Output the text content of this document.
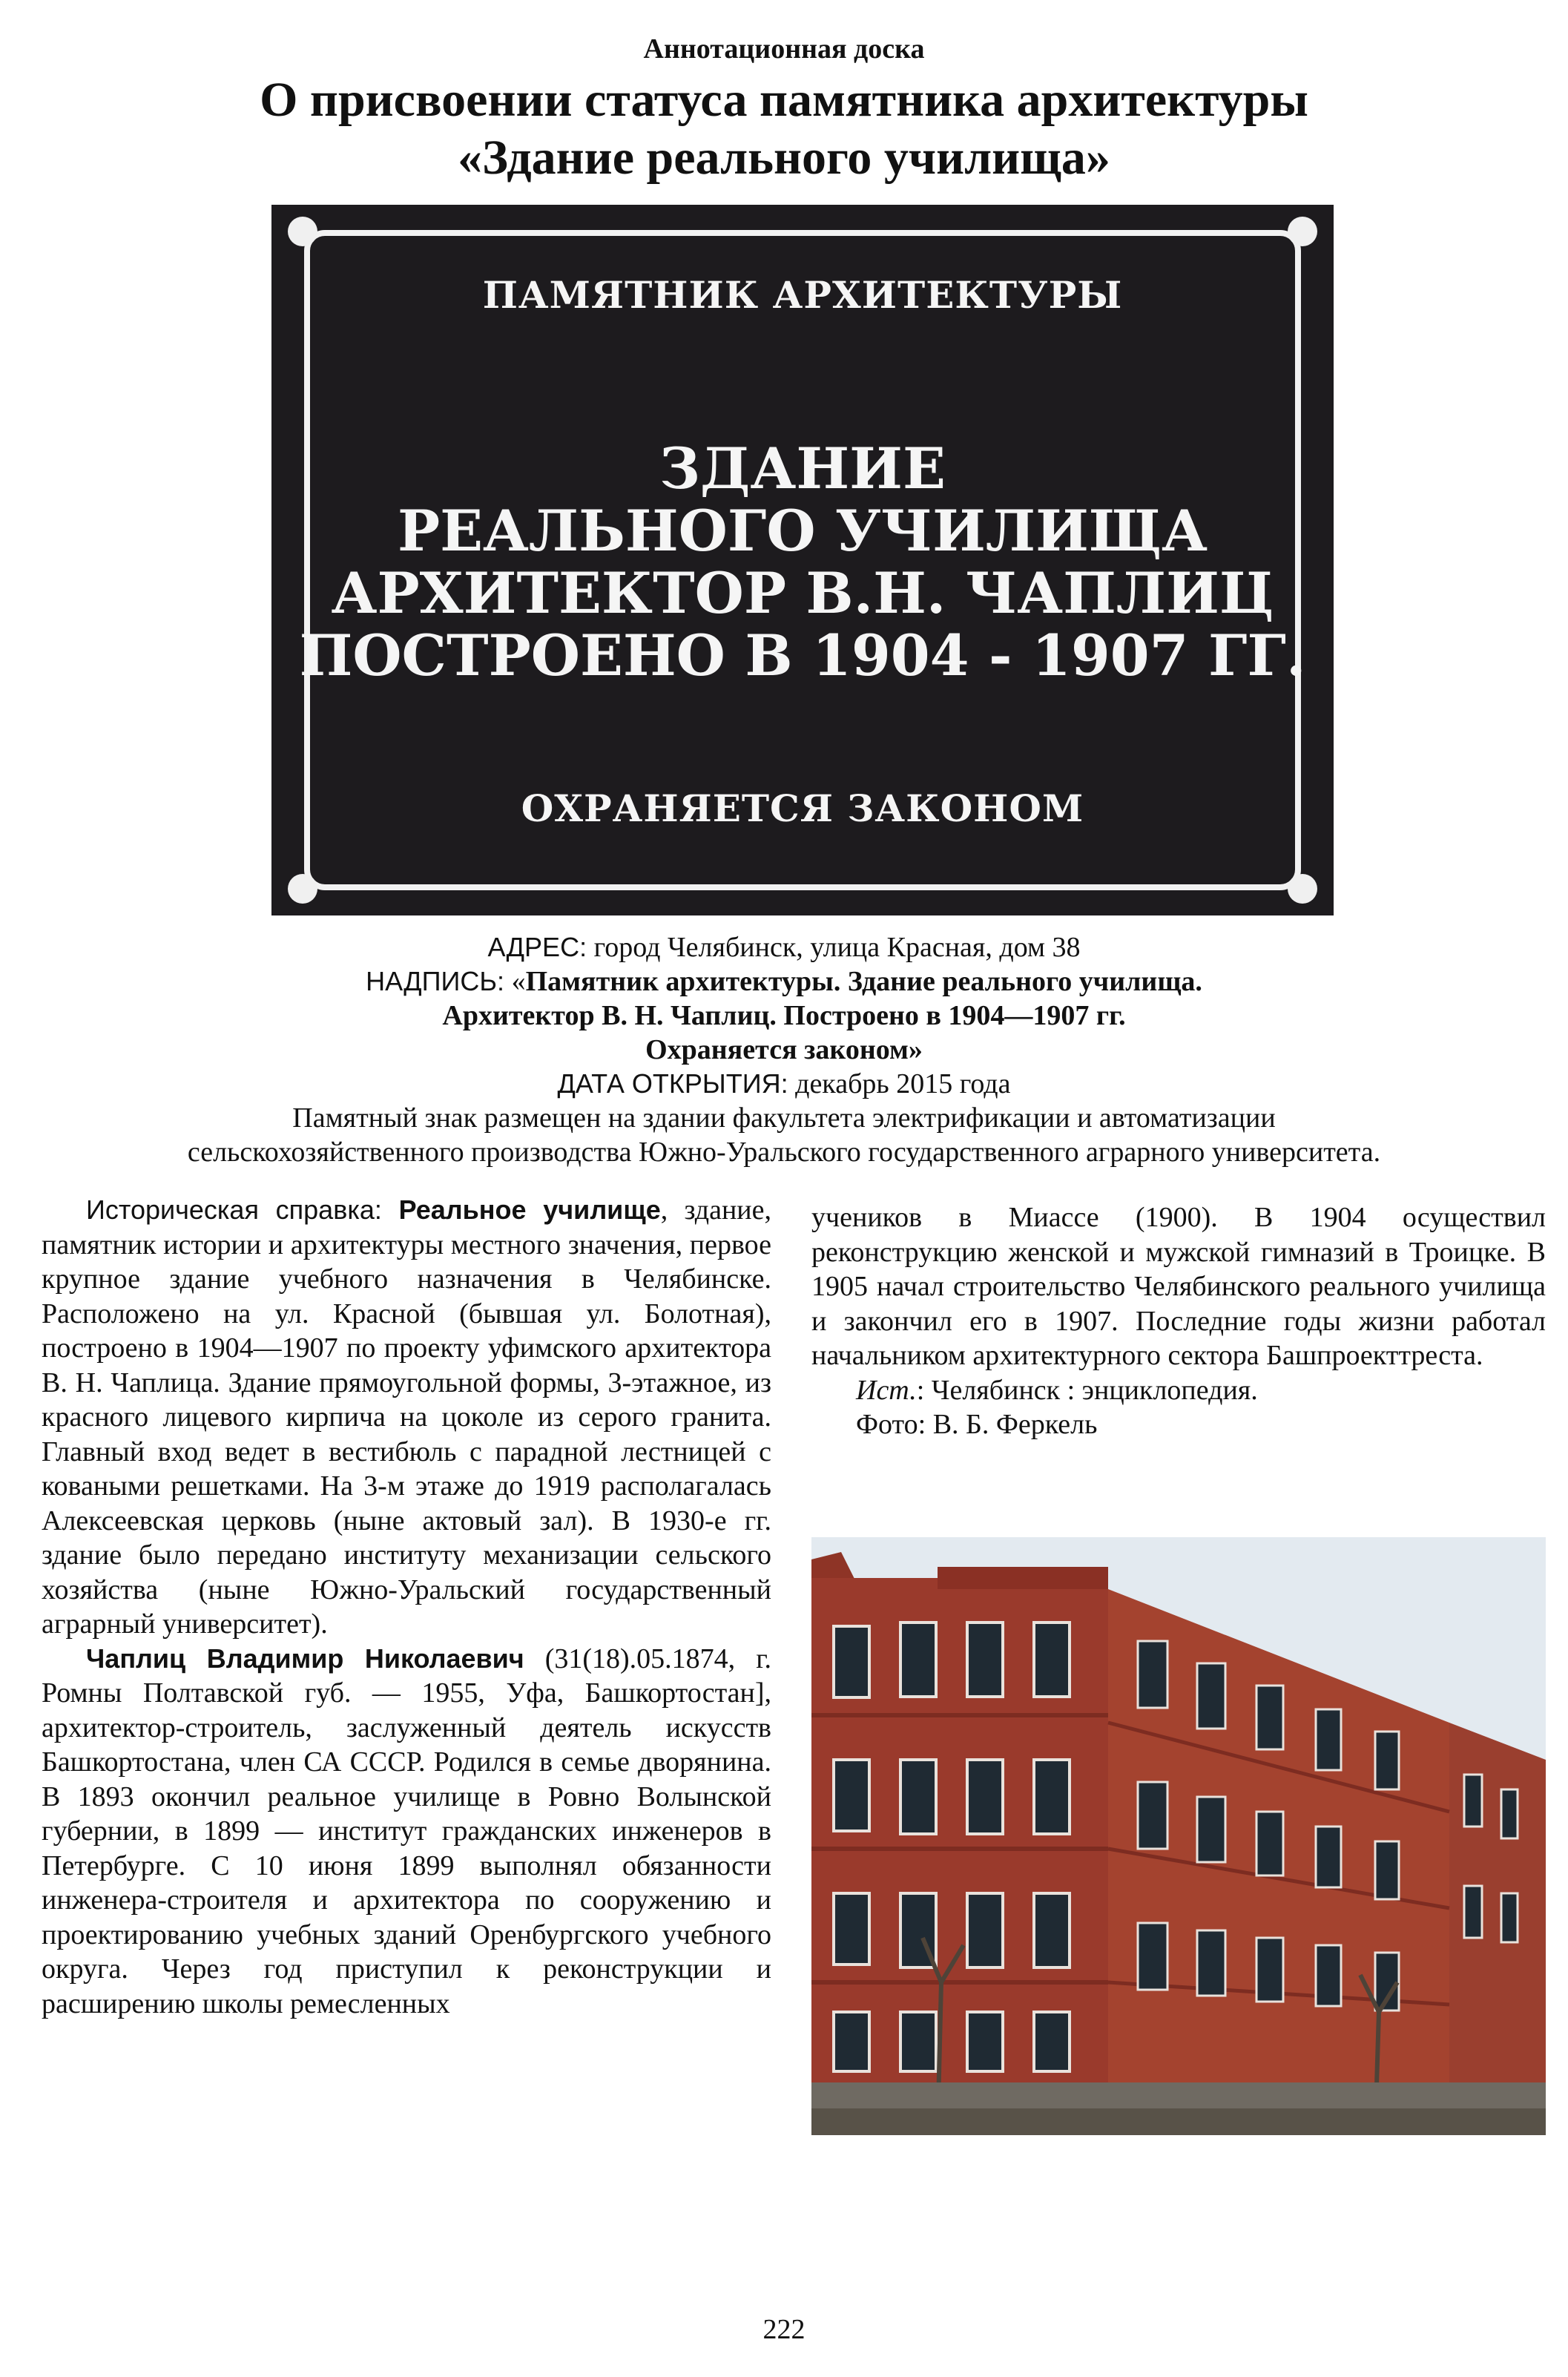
Аннотационная доска
О присвоении статуса памятника архитектуры
«Здание реального училища»
ПАМЯТНИК АРХИТЕКТУРЫ
ЗДАНИЕ
РЕАЛЬНОГО УЧИЛИЩА
АРХИТЕКТОР В.Н. ЧАПЛИЦ
ПОСТРОЕНО В 1904 - 1907 ГГ.
ОХРАНЯЕТСЯ ЗАКОНОМ
АДРЕС: город Челябинск, улица Красная, дом 38
НАДПИСЬ: «Памятник архитектуры. Здание реального училища.
Архитектор В. Н. Чаплиц. Построено в 1904—1907 гг.
Охраняется законом»
ДАТА ОТКРЫТИЯ: декабрь 2015 года
Памятный знак размещен на здании факультета электрификации и автоматизации
сельскохозяйственного производства Южно-Уральского государственного аграрного университета.

Историческая справка: Реальное училище, здание, памятник истории и архитектуры местного значения, первое крупное здание учебного назначения в Челябинске. Расположено на ул. Красной (бывшая ул. Болотная), построено в 1904—1907 по проекту уфимского архитектора В. Н. Чаплица. Здание прямоугольной формы, 3-этажное, из красного лицевого кирпича на цоколе из серого гранита. Главный вход ведет в вестибюль с парадной лестницей с коваными решетками. На 3-м этаже до 1919 располагалась Алексеевская церковь (ныне актовый зал). В 1930-е гг. здание было передано институту механизации сельского хозяйства (ныне Южно-Уральский государственный аграрный университет).

Чаплиц Владимир Николаевич (31(18).05.1874, г. Ромны Полтавской губ. — 1955, Уфа, Башкортостан], архитектор-строитель, заслуженный деятель искусств Башкортостана, член СА СССР. Родился в семье дворянина. В 1893 окончил реальное училище в Ровно Волынской губернии, в 1899 — институт гражданских инженеров в Петербурге. С 10 июня 1899 выполнял обязанности инженера-строителя и архитектора по сооружению и проектированию учебных зданий Оренбургского учебного округа. Через год приступил к реконструкции и расширению школы ремесленных

учеников в Миассе (1900). В 1904 осуществил реконструкцию женской и мужской гимназий в Троицке. В 1905 начал строительство Челябинского реального училища и закончил его в 1907. Последние годы жизни работал начальником архитектурного сектора Башпроекттреста.

Ист.: Челябинск : энциклопедия.

Фото: В. Б. Феркель

222
